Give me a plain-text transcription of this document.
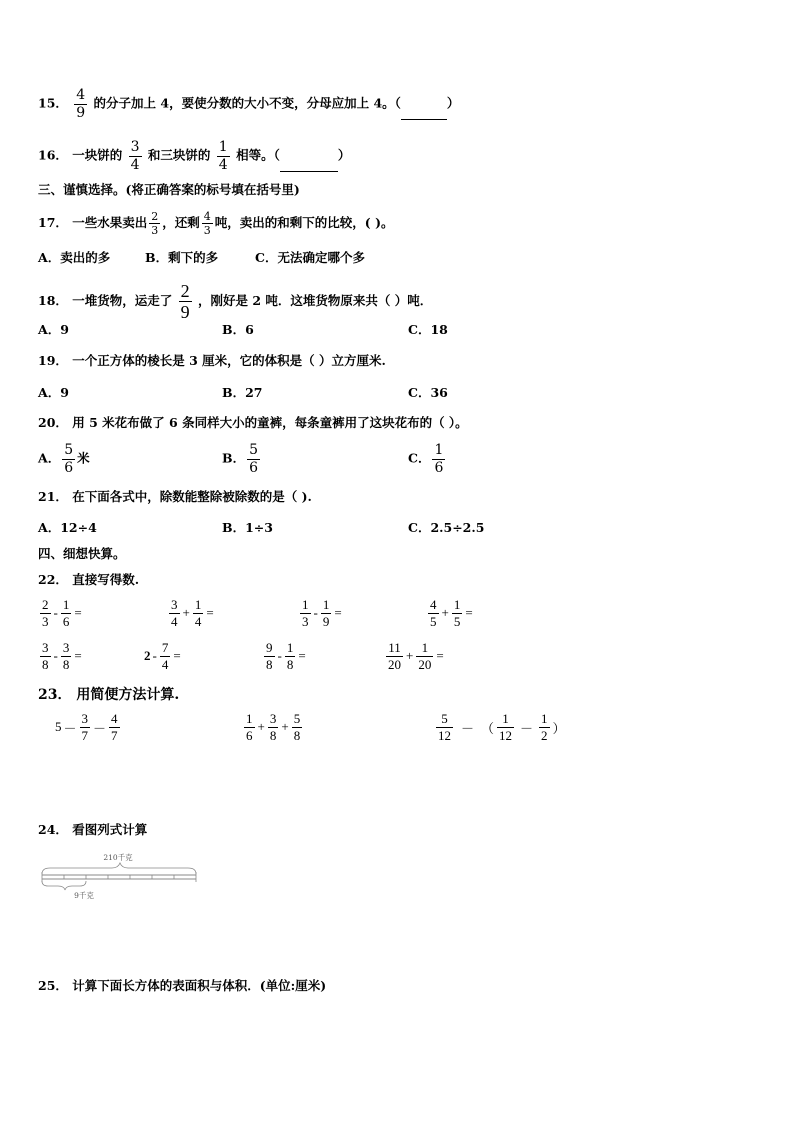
15． $\frac{4}{9}$ 的分子加上 4，要使分数的大小不变，分母应加上 4。（	）
16． 一块饼的 $\frac{3}{4}$ 和三块饼的 $\frac{1}{4}$ 相等。（	）
三、谨慎选择。(将正确答案的标号填在括号里)
17． 一些水果卖出 $\frac{2}{3}$ ，还剩 $\frac{4}{3}$ 吨，卖出的和剩下的比较，( )。
A．卖出的多	B．剩下的多	C．无法确定哪个多
18． 一堆货物，运走了 $\frac{2}{9}$ ，刚好是 2 吨．这堆货物原来共（ ）吨．
A．9	B．6	C．18
19． 一个正方体的棱长是 3 厘米，它的体积是（ ）立方厘米.
A．9	B．27	C．36
20． 用 5 米花布做了 6 条同样大小的童裤，每条童裤用了这块花布的（ ）。
A． $\frac{5}{6}$ 米	B． $\frac{5}{6}$	C． $\frac{1}{6}$
21． 在下面各式中，除数能整除被除数的是（ ).
A．12÷4	B．1÷3	C．2.5÷2.5
四、细想快算。
22． 直接写得数.
$\frac{2}{3} - \frac{1}{6}$ =	$\frac{3}{4} + \frac{1}{4}$ =	$\frac{1}{3} - \frac{1}{9}$ =	$\frac{4}{5} + \frac{1}{5}$ =
$\frac{3}{8} - \frac{3}{8}$ =	$2 - \frac{7}{4}$ =	$\frac{9}{8} - \frac{1}{8}$ =	$\frac{11}{20} + \frac{1}{20}$ =
23． 用简便方法计算.
$5 - \frac{3}{7} - \frac{4}{7}$	$\frac{1}{6} + \frac{3}{8} + \frac{5}{8}$	$\frac{5}{12}$ － （ $\frac{1}{12} - \frac{1}{2}$ ）
24． 看图列式计算
210千克
9千克
25． 计算下面长方体的表面积与体积．(单位:厘米)
